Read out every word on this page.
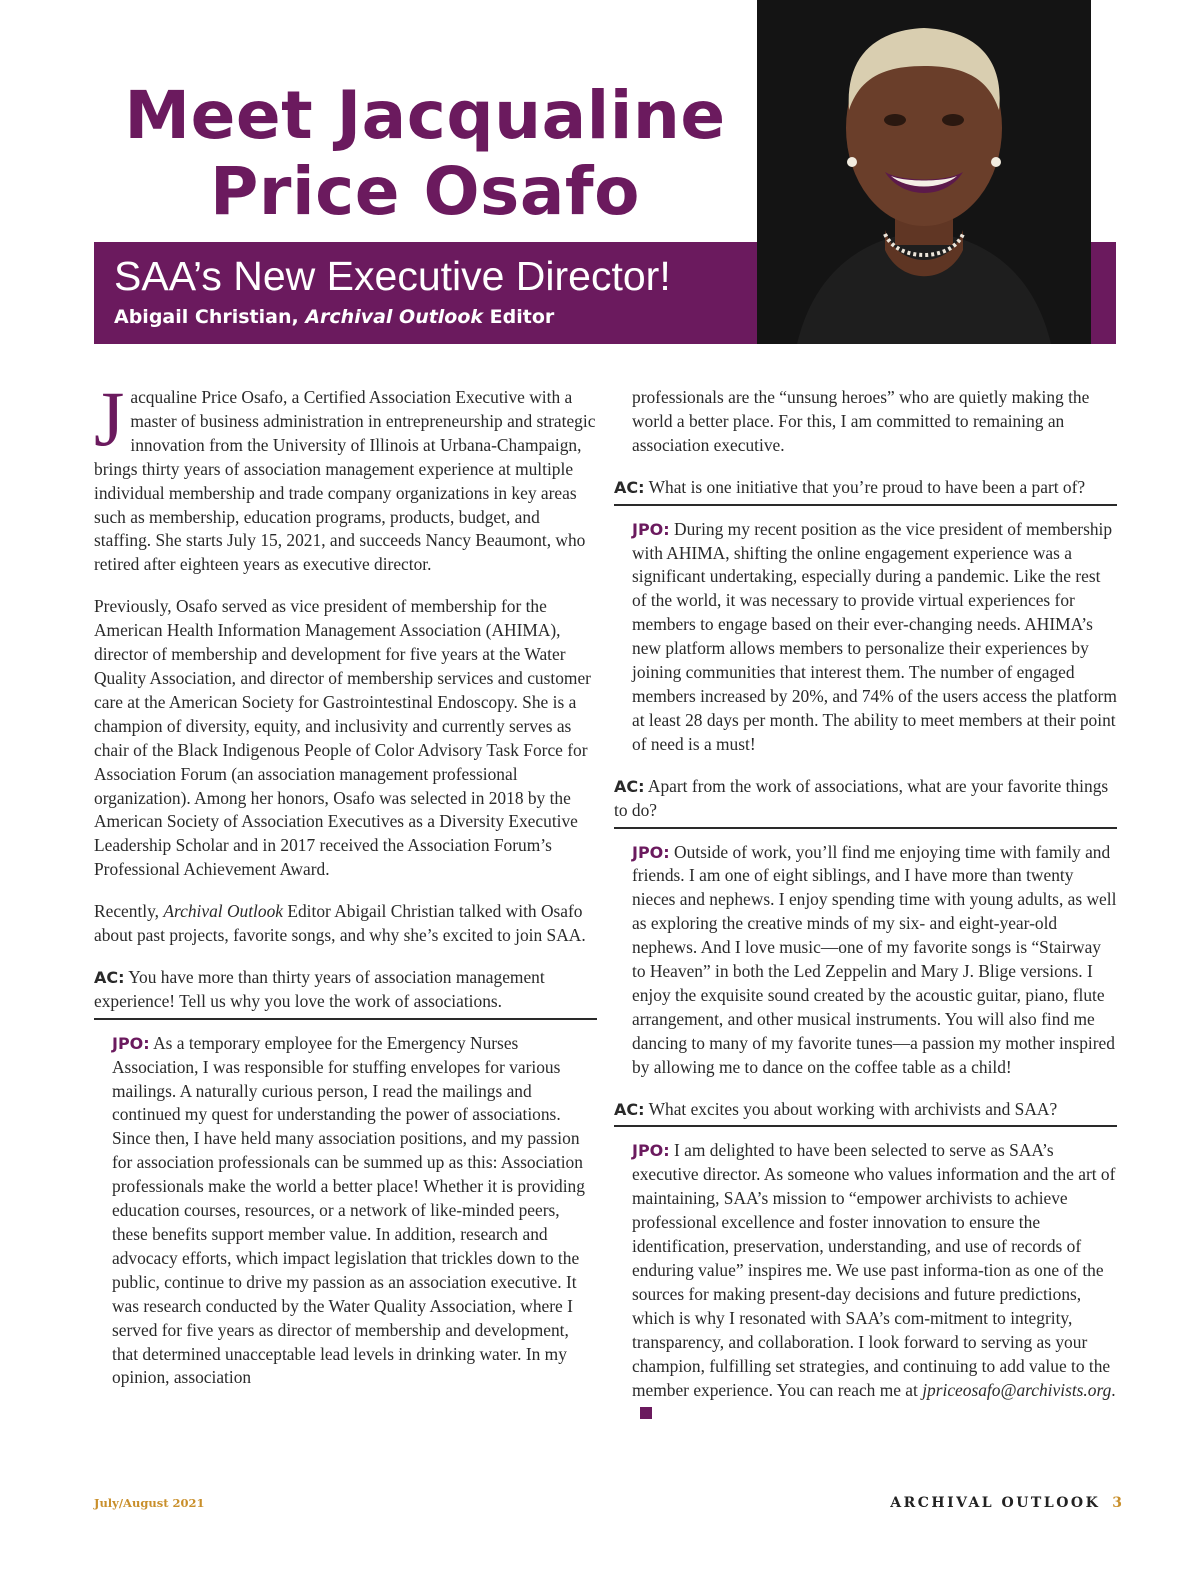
Meet Jacqualine
Price Osafo
SAA’s New Executive Director!
Abigail Christian, Archival Outlook Editor

Jacqualine Price Osafo, a Certified Association Executive with a master of business administration in entrepreneurship and strategic innovation from the University of Illinois at Urbana-Champaign, brings thirty years of association management experience at multiple individual membership and trade company organizations in key areas such as membership, education programs, products, budget, and staffing. She starts July 15, 2021, and succeeds Nancy Beaumont, who retired after eighteen years as executive director.

Previously, Osafo served as vice president of membership for the American Health Information Management Association (AHIMA), director of membership and development for five years at the Water Quality Association, and director of membership services and customer care at the American Society for Gastrointestinal Endoscopy. She is a champion of diversity, equity, and inclusivity and currently serves as chair of the Black Indigenous People of Color Advisory Task Force for Association Forum (an association management professional organization). Among her honors, Osafo was selected in 2018 by the American Society of Association Executives as a Diversity Executive Leadership Scholar and in 2017 received the Association Forum’s Professional Achievement Award.

Recently, Archival Outlook Editor Abigail Christian talked with Osafo about past projects, favorite songs, and why she’s excited to join SAA.

AC: You have more than thirty years of association management experience! Tell us why you love the work of associations.
JPO: As a temporary employee for the Emergency Nurses Association, I was responsible for stuffing envelopes for various mailings. A naturally curious person, I read the mailings and continued my quest for understanding the power of associations. Since then, I have held many association positions, and my passion for association professionals can be summed up as this: Association professionals make the world a better place! Whether it is providing education courses, resources, or a network of like-minded peers, these benefits support member value. In addition, research and advocacy efforts, which impact legislation that trickles down to the public, continue to drive my passion as an association executive. It was research conducted by the Water Quality Association, where I served for five years as director of membership and development, that determined unacceptable lead levels in drinking water. In my opinion, association
professionals are the “unsung heroes” who are quietly making the world a better place. For this, I am committed to remaining an association executive.
AC: What is one initiative that you’re proud to have been a part of?
JPO: During my recent position as the vice president of membership with AHIMA, shifting the online engagement experience was a significant undertaking, especially during a pandemic. Like the rest of the world, it was necessary to provide virtual experiences for members to engage based on their ever-changing needs. AHIMA’s new platform allows members to personalize their experiences by joining communities that interest them. The number of engaged members increased by 20%, and 74% of the users access the platform at least 28 days per month. The ability to meet members at their point of need is a must!
AC: Apart from the work of associations, what are your favorite things to do?
JPO: Outside of work, you’ll find me enjoying time with family and friends. I am one of eight siblings, and I have more than twenty nieces and nephews. I enjoy spending time with young adults, as well as exploring the creative minds of my six- and eight-year-old nephews. And I love music—one of my favorite songs is “Stairway to Heaven” in both the Led Zeppelin and Mary J. Blige versions. I enjoy the exquisite sound created by the acoustic guitar, piano, flute arrangement, and other musical instruments. You will also find me dancing to many of my favorite tunes—a passion my mother inspired by allowing me to dance on the coffee table as a child!
AC: What excites you about working with archivists and SAA?
JPO: I am delighted to have been selected to serve as SAA’s executive director. As someone who values information and the art of maintaining, SAA’s mission to “empower archivists to achieve professional excellence and foster innovation to ensure the identification, preservation, understanding, and use of records of enduring value” inspires me. We use past informa-tion as one of the sources for making present-day decisions and future predictions, which is why I resonated with SAA’s com-mitment to integrity, transparency, and collaboration. I look forward to serving as your champion, fulfilling set strategies, and continuing to add value to the member experience. You can reach me at jpriceosafo@archivists.org.
July/August 2021	ARCHIVAL OUTLOOK 3
